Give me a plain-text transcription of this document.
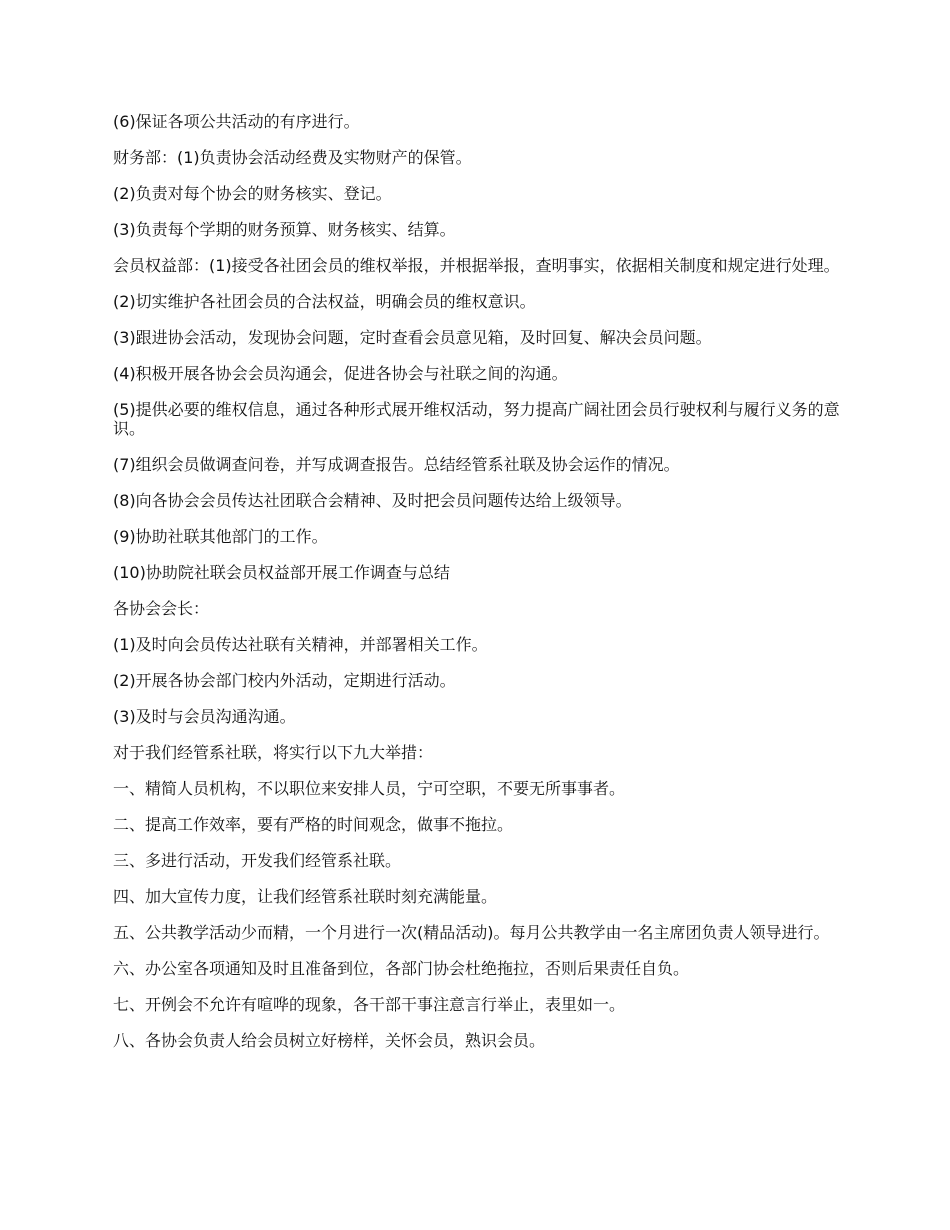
(6)保证各项公共活动的有序进行。

财务部：(1)负责协会活动经费及实物财产的保管。

(2)负责对每个协会的财务核实、登记。

(3)负责每个学期的财务预算、财务核实、结算。

会员权益部：(1)接受各社团会员的维权举报，并根据举报，查明事实，依据相关制度和规定进行处理。

(2)切实维护各社团会员的合法权益，明确会员的维权意识。

(3)跟进协会活动，发现协会问题，定时查看会员意见箱，及时回复、解决会员问题。

(4)积极开展各协会会员沟通会，促进各协会与社联之间的沟通。

(5)提供必要的维权信息，通过各种形式展开维权活动，努力提高广阔社团会员行驶权利与履行义务的意识。

(7)组织会员做调查问卷，并写成调查报告。总结经管系社联及协会运作的情况。

(8)向各协会会员传达社团联合会精神、及时把会员问题传达给上级领导。

(9)协助社联其他部门的工作。

(10)协助院社联会员权益部开展工作调查与总结

各协会会长：

(1)及时向会员传达社联有关精神，并部署相关工作。

(2)开展各协会部门校内外活动，定期进行活动。

(3)及时与会员沟通沟通。

对于我们经管系社联，将实行以下九大举措：

一、精简人员机构，不以职位来安排人员，宁可空职，不要无所事事者。

二、提高工作效率，要有严格的时间观念，做事不拖拉。

三、多进行活动，开发我们经管系社联。

四、加大宣传力度，让我们经管系社联时刻充满能量。

五、公共教学活动少而精，一个月进行一次(精品活动)。每月公共教学由一名主席团负责人领导进行。

六、办公室各项通知及时且准备到位，各部门协会杜绝拖拉，否则后果责任自负。

七、开例会不允许有喧哗的现象，各干部干事注意言行举止，表里如一。

八、各协会负责人给会员树立好榜样，关怀会员，熟识会员。
